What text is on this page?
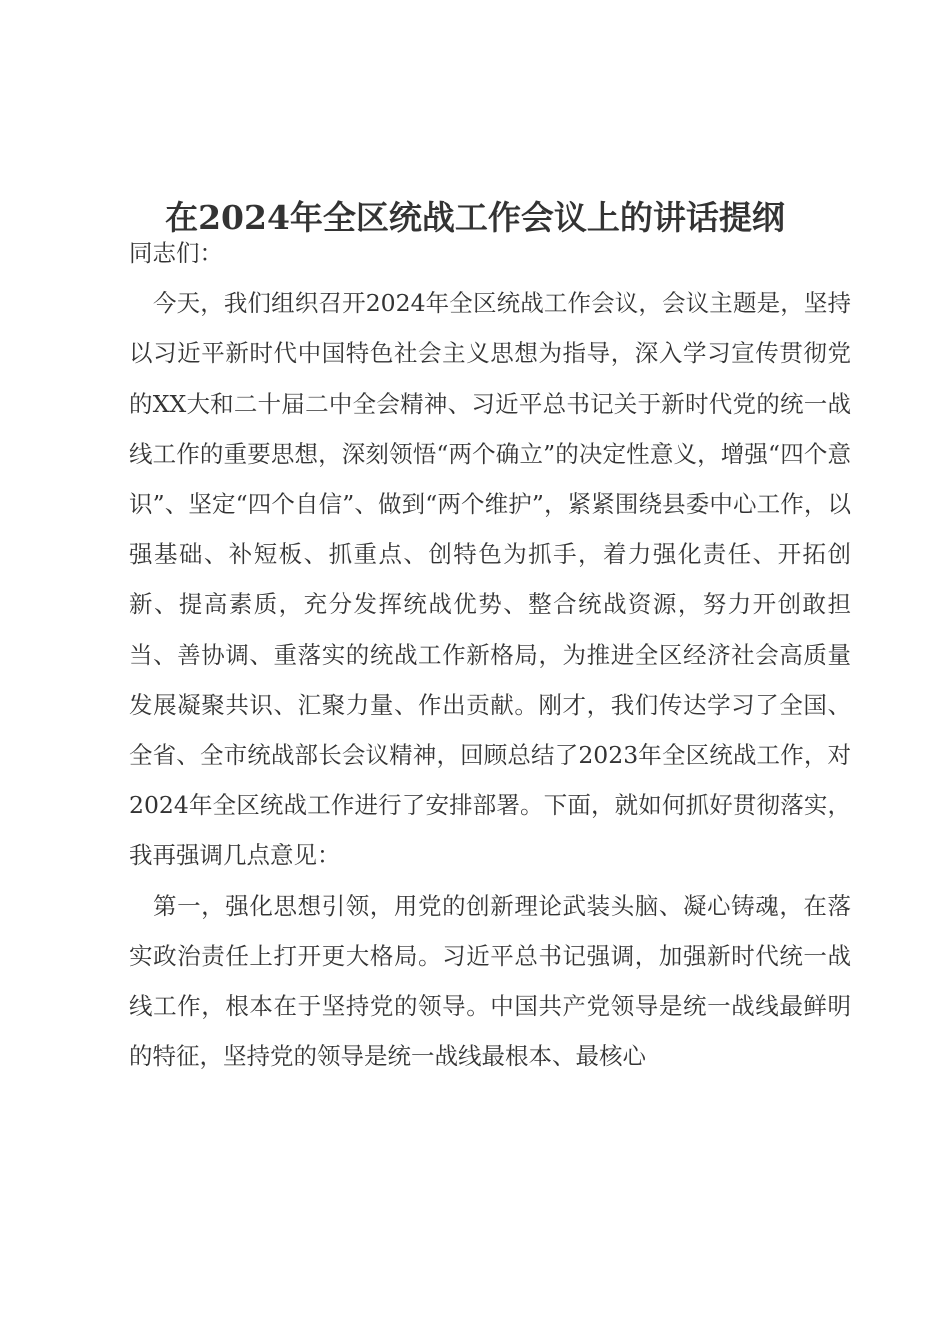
在2024年全区统战工作会议上的讲话提纲

同志们：

今天，我们组织召开2024年全区统战工作会议，会议主题是，坚持以习近平新时代中国特色社会主义思想为指导，深入学习宣传贯彻党的XX大和二十届二中全会精神、习近平总书记关于新时代党的统一战线工作的重要思想，深刻领悟“两个确立”的决定性意义，增强“四个意识”、坚定“四个自信”、做到“两个维护”，紧紧围绕县委中心工作，以强基础、补短板、抓重点、创特色为抓手，着力强化责任、开拓创新、提高素质，充分发挥统战优势、整合统战资源，努力开创敢担当、善协调、重落实的统战工作新格局，为推进全区经济社会高质量发展凝聚共识、汇聚力量、作出贡献。刚才，我们传达学习了全国、全省、全市统战部长会议精神，回顾总结了2023年全区统战工作，对2024年全区统战工作进行了安排部署。下面，就如何抓好贯彻落实，我再强调几点意见：

第一，强化思想引领，用党的创新理论武装头脑、凝心铸魂，在落实政治责任上打开更大格局。习近平总书记强调，加强新时代统一战线工作，根本在于坚持党的领导。中国共产党领导是统一战线最鲜明的特征，坚持党的领导是统一战线最根本、最核心
